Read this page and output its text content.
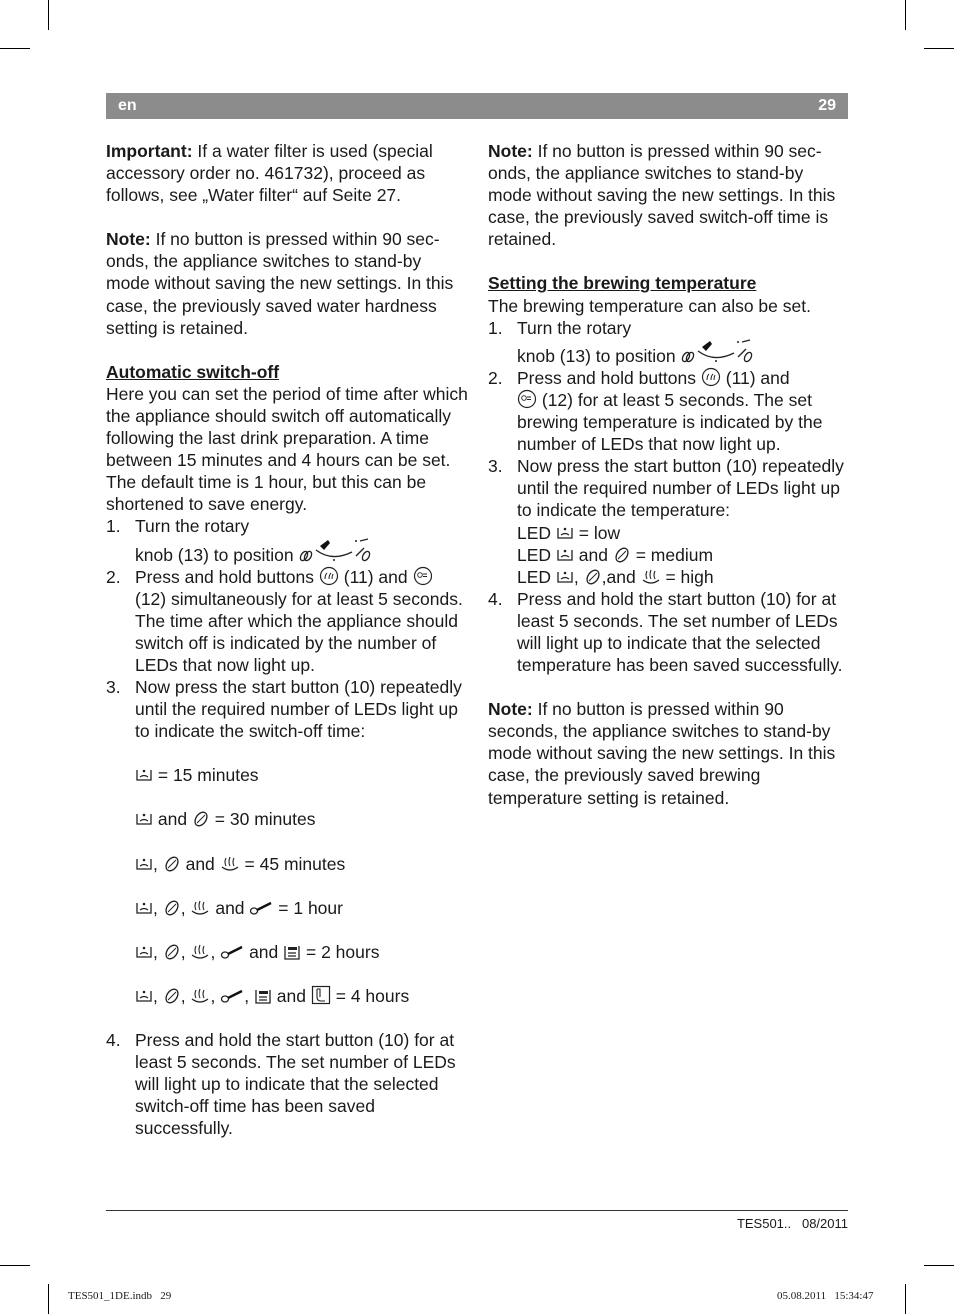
en	29

Important: If a water filter is used (special accessory order no. 461732), proceed as follows, see „Water filter“ auf Seite 27.

Note: If no button is pressed within 90 seconds, the appliance switches to stand-by mode without saving the new settings. In this case, the previously saved water hardness setting is retained.

Automatic switch-off

Here you can set the period of time after which the appliance should switch off automatically following the last drink preparation. A time between 15 minutes and 4 hours can be set. The default time is 1 hour, but this can be shortened to save energy.

1. Turn the rotary
knob (13) to position
2. Press and hold buttons
(11) and

(12) simultaneously for at least 5 seconds. The time after which the appliance should switch off is indicated by the number of LEDs that now light up.
3. Now press the start button (10) repeatedly until the required number of LEDs light up to indicate the switch-off time:
= 15 minutes
and
= 30 minutes
,
and
= 45 minutes
,
,
and
= 1 hour
,
,
,
and
= 2 hours
,
,
,
,
and
= 4 hours
4. Press and hold the start button (10) for at least 5 seconds. The set number of LEDs will light up to indicate that the selected switch-off time has been saved successfully.

Note: If no button is pressed within 90 seconds, the appliance switches to stand-by mode without saving the new settings. In this case, the previously saved switch-off time is retained.

Setting the brewing temperature

The brewing temperature can also be set.

1. Turn the rotary
knob (13) to position
2. Press and hold buttons
(11) and

(12) for at least 5 seconds. The set brewing temperature is indicated by the number of LEDs that now light up.
3. Now press the start button (10) repeatedly until the required number of LEDs light up to indicate the temperature:
LED
= low
LED
and
= medium
LED
,
,and
= high
4. Press and hold the start button (10) for at least 5 seconds. The set number of LEDs will light up to indicate that the selected temperature has been saved successfully.

Note: If no button is pressed within 90 seconds, the appliance switches to stand-by mode without saving the new settings. In this case, the previously saved brewing temperature setting is retained.

TES501..   08/2011
TES501_1DE.indb   29	05.08.2011   15:34:47
